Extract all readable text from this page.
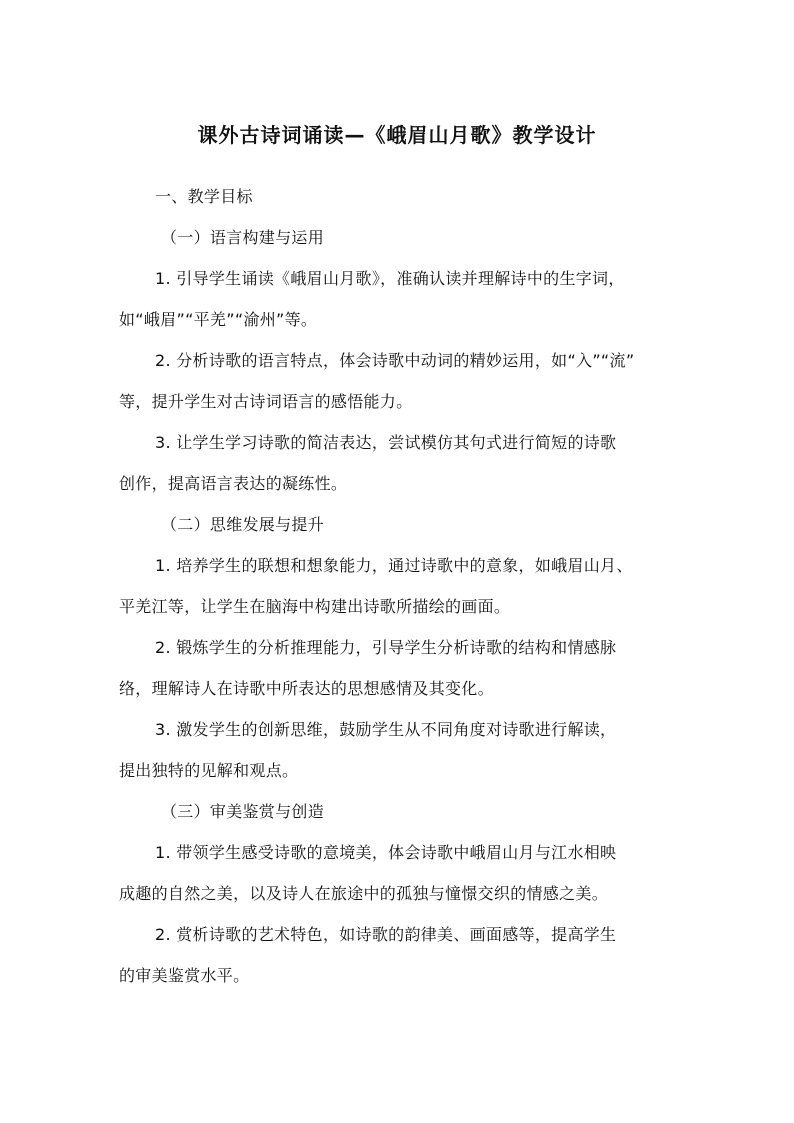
课外古诗词诵读—《峨眉山月歌》教学设计
一、教学目标
（一）语言构建与运用
1. 引导学生诵读《峨眉山月歌》，准确认读并理解诗中的生字词，
如“峨眉”“平羌”“渝州”等。
2. 分析诗歌的语言特点，体会诗歌中动词的精妙运用，如“入”“流”
等，提升学生对古诗词语言的感悟能力。
3. 让学生学习诗歌的简洁表达，尝试模仿其句式进行简短的诗歌
创作，提高语言表达的凝练性。
（二）思维发展与提升
1. 培养学生的联想和想象能力，通过诗歌中的意象，如峨眉山月、
平羌江等，让学生在脑海中构建出诗歌所描绘的画面。
2. 锻炼学生的分析推理能力，引导学生分析诗歌的结构和情感脉
络，理解诗人在诗歌中所表达的思想感情及其变化。
3. 激发学生的创新思维，鼓励学生从不同角度对诗歌进行解读，
提出独特的见解和观点。
（三）审美鉴赏与创造
1. 带领学生感受诗歌的意境美，体会诗歌中峨眉山月与江水相映
成趣的自然之美，以及诗人在旅途中的孤独与憧憬交织的情感之美。
2. 赏析诗歌的艺术特色，如诗歌的韵律美、画面感等，提高学生
的审美鉴赏水平。
